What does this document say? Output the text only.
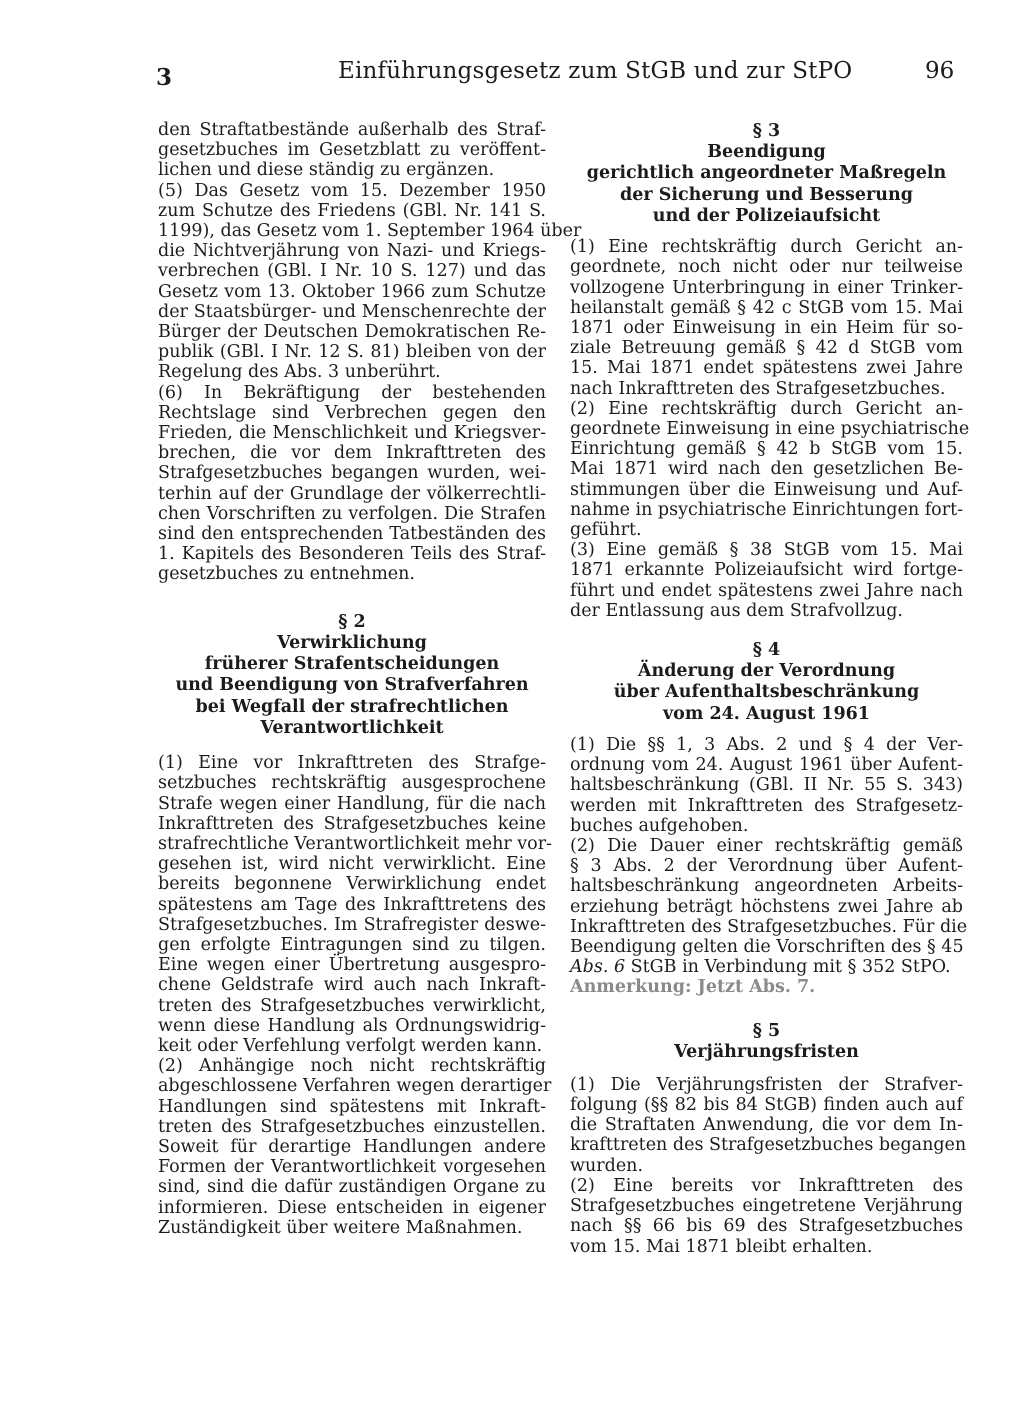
3	Einführungsgesetz zum StGB und zur StPO	96

den Straftatbestände außerhalb des Straf-
gesetzbuches im Gesetzblatt zu veröffent-
lichen und diese ständig zu ergänzen.

(5) Das Gesetz vom 15. Dezember 1950
zum Schutze des Friedens (GBl. Nr. 141 S.
1199), das Gesetz vom 1. September 1964 über
die Nichtverjährung von Nazi- und Kriegs-
verbrechen (GBl. I Nr. 10 S. 127) und das
Gesetz vom 13. Oktober 1966 zum Schutze
der Staatsbürger- und Menschenrechte der
Bürger der Deutschen Demokratischen Re-
publik (GBl. I Nr. 12 S. 81) bleiben von der
Regelung des Abs. 3 unberührt.

(6) In Bekräftigung der bestehenden
Rechtslage sind Verbrechen gegen den
Frieden, die Menschlichkeit und Kriegsver-
brechen, die vor dem Inkrafttreten des
Strafgesetzbuches begangen wurden, wei-
terhin auf der Grundlage der völkerrechtli-
chen Vorschriften zu verfolgen. Die Strafen
sind den entsprechenden Tatbeständen des
1. Kapitels des Besonderen Teils des Straf-
gesetzbuches zu entnehmen.

§ 2
Verwirklichung
früherer Strafentscheidungen
und Beendigung von Strafverfahren
bei Wegfall der strafrechtlichen
Verantwortlichkeit

(1) Eine vor Inkrafttreten des Strafge-
setzbuches rechtskräftig ausgesprochene
Strafe wegen einer Handlung, für die nach
Inkrafttreten des Strafgesetzbuches keine
strafrechtliche Verantwortlichkeit mehr vor-
gesehen ist, wird nicht verwirklicht. Eine
bereits begonnene Verwirklichung endet
spätestens am Tage des Inkrafttretens des
Strafgesetzbuches. Im Strafregister deswe-
gen erfolgte Eintragungen sind zu tilgen.
Eine wegen einer Übertretung ausgespro-
chene Geldstrafe wird auch nach Inkraft-
treten des Strafgesetzbuches verwirklicht,
wenn diese Handlung als Ordnungswidrig-
keit oder Verfehlung verfolgt werden kann.

(2) Anhängige noch nicht rechtskräftig
abgeschlossene Verfahren wegen derartiger
Handlungen sind spätestens mit Inkraft-
treten des Strafgesetzbuches einzustellen.
Soweit für derartige Handlungen andere
Formen der Verantwortlichkeit vorgesehen
sind, sind die dafür zuständigen Organe zu
informieren. Diese entscheiden in eigener
Zuständigkeit über weitere Maßnahmen.

§ 3
Beendigung
gerichtlich angeordneter Maßregeln
der Sicherung und Besserung
und der Polizeiaufsicht

(1) Eine rechtskräftig durch Gericht an-
geordnete, noch nicht oder nur teilweise
vollzogene Unterbringung in einer Trinker-
heilanstalt gemäß § 42 c StGB vom 15. Mai
1871 oder Einweisung in ein Heim für so-
ziale Betreuung gemäß § 42 d StGB vom
15. Mai 1871 endet spätestens zwei Jahre
nach Inkrafttreten des Strafgesetzbuches.

(2) Eine rechtskräftig durch Gericht an-
geordnete Einweisung in eine psychiatrische
Einrichtung gemäß § 42 b StGB vom 15.
Mai 1871 wird nach den gesetzlichen Be-
stimmungen über die Einweisung und Auf-
nahme in psychiatrische Einrichtungen fort-
geführt.

(3) Eine gemäß § 38 StGB vom 15. Mai
1871 erkannte Polizeiaufsicht wird fortge-
führt und endet spätestens zwei Jahre nach
der Entlassung aus dem Strafvollzug.

§ 4
Änderung der Verordnung
über Aufenthaltsbeschränkung
vom 24. August 1961

(1) Die §§ 1, 3 Abs. 2 und § 4 der Ver-
ordnung vom 24. August 1961 über Aufent-
haltsbeschränkung (GBl. II Nr. 55 S. 343)
werden mit Inkrafttreten des Strafgesetz-
buches aufgehoben.

(2) Die Dauer einer rechtskräftig gemäß
§ 3 Abs. 2 der Verordnung über Aufent-
haltsbeschränkung angeordneten Arbeits-
erziehung beträgt höchstens zwei Jahre ab
Inkrafttreten des Strafgesetzbuches. Für die
Beendigung gelten die Vorschriften des § 45
Abs. 6 StGB in Verbindung mit § 352 StPO.
Anmerkung: Jetzt Abs. 7.

§ 5
Verjährungsfristen

(1) Die Verjährungsfristen der Strafver-
folgung (§§ 82 bis 84 StGB) finden auch auf
die Straftaten Anwendung, die vor dem In-
krafttreten des Strafgesetzbuches begangen
wurden.

(2) Eine bereits vor Inkrafttreten des
Strafgesetzbuches eingetretene Verjährung
nach §§ 66 bis 69 des Strafgesetzbuches
vom 15. Mai 1871 bleibt erhalten.
